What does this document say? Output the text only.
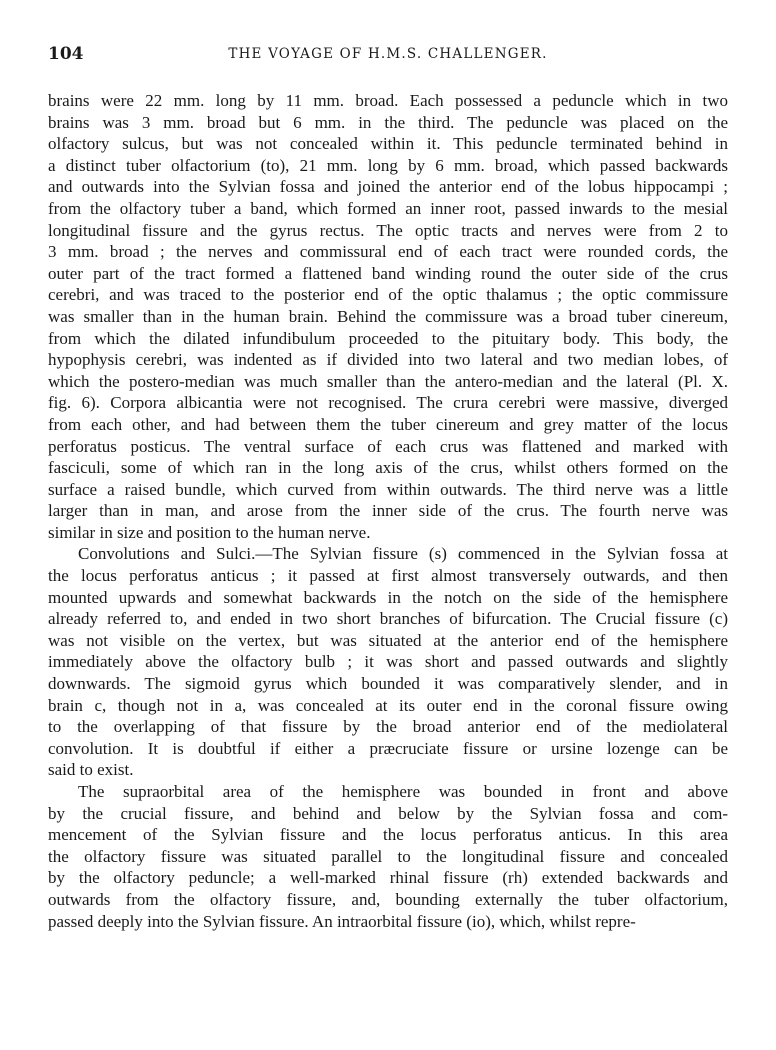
104	THE VOYAGE OF H.M.S. CHALLENGER.
brains were 22 mm. long by 11 mm. broad. Each possessed a peduncle which in two
brains was 3 mm. broad but 6 mm. in the third. The peduncle was placed on the
olfactory sulcus, but was not concealed within it. This peduncle terminated behind in
a distinct tuber olfactorium (to), 21 mm. long by 6 mm. broad, which passed backwards
and outwards into the Sylvian fossa and joined the anterior end of the lobus hippocampi ;
from the olfactory tuber a band, which formed an inner root, passed inwards to the mesial
longitudinal fissure and the gyrus rectus. The optic tracts and nerves were from 2 to
3 mm. broad ; the nerves and commissural end of each tract were rounded cords, the
outer part of the tract formed a flattened band winding round the outer side of the crus
cerebri, and was traced to the posterior end of the optic thalamus ; the optic commissure
was smaller than in the human brain. Behind the commissure was a broad tuber cinereum,
from which the dilated infundibulum proceeded to the pituitary body. This body, the
hypophysis cerebri, was indented as if divided into two lateral and two median lobes, of
which the postero-median was much smaller than the antero-median and the lateral (Pl. X.
fig. 6). Corpora albicantia were not recognised. The crura cerebri were massive, diverged
from each other, and had between them the tuber cinereum and grey matter of the locus
perforatus posticus. The ventral surface of each crus was flattened and marked with
fasciculi, some of which ran in the long axis of the crus, whilst others formed on the
surface a raised bundle, which curved from within outwards. The third nerve was a little
larger than in man, and arose from the inner side of the crus. The fourth nerve was
similar in size and position to the human nerve.
Convolutions and Sulci.—The Sylvian fissure (s) commenced in the Sylvian fossa at
the locus perforatus anticus ; it passed at first almost transversely outwards, and then
mounted upwards and somewhat backwards in the notch on the side of the hemisphere
already referred to, and ended in two short branches of bifurcation. The Crucial fissure (c)
was not visible on the vertex, but was situated at the anterior end of the hemisphere
immediately above the olfactory bulb ; it was short and passed outwards and slightly
downwards. The sigmoid gyrus which bounded it was comparatively slender, and in
brain c, though not in a, was concealed at its outer end in the coronal fissure owing
to the overlapping of that fissure by the broad anterior end of the mediolateral
convolution. It is doubtful if either a præcruciate fissure or ursine lozenge can be
said to exist.
The supraorbital area of the hemisphere was bounded in front and above
by the crucial fissure, and behind and below by the Sylvian fossa and com-
mencement of the Sylvian fissure and the locus perforatus anticus. In this area
the olfactory fissure was situated parallel to the longitudinal fissure and concealed
by the olfactory peduncle; a well-marked rhinal fissure (rh) extended backwards and
outwards from the olfactory fissure, and, bounding externally the tuber olfactorium,
passed deeply into the Sylvian fissure. An intraorbital fissure (io), which, whilst repre-
